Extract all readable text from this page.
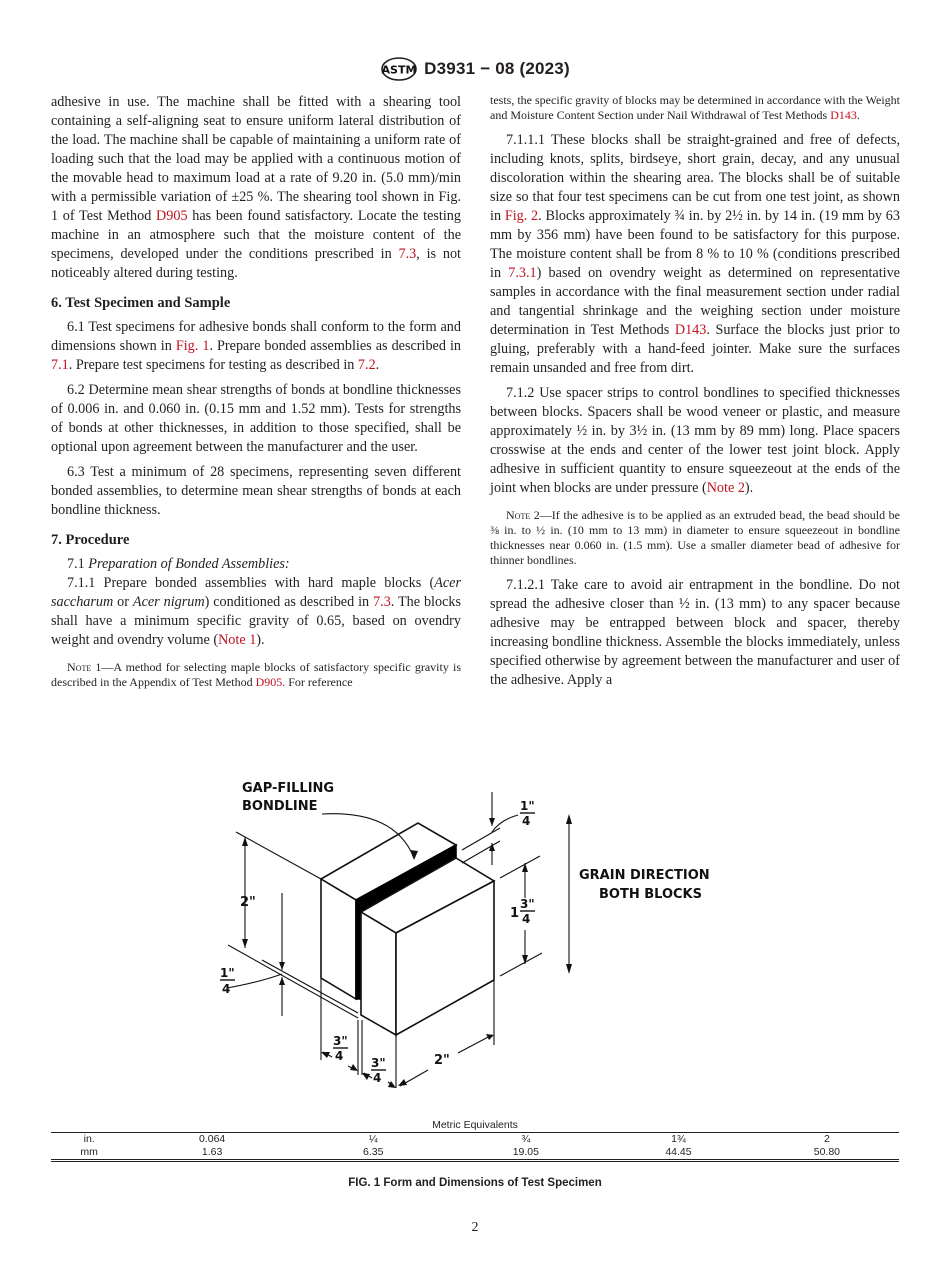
ASTM D3931 − 08 (2023)

adhesive in use. The machine shall be fitted with a shearing tool containing a self-aligning seat to ensure uniform lateral distribution of the load. The machine shall be capable of maintaining a uniform rate of loading such that the load may be applied with a continuous motion of the movable head to maximum load at a rate of 9.20 in. (5.0 mm)/min with a permissible variation of ±25 %. The shearing tool shown in Fig. 1 of Test Method D905 has been found satisfactory. Locate the testing machine in an atmosphere such that the moisture content of the specimens, developed under the conditions prescribed in 7.3, is not noticeably altered during testing.

6. Test Specimen and Sample

6.1 Test specimens for adhesive bonds shall conform to the form and dimensions shown in Fig. 1. Prepare bonded assemblies as described in 7.1. Prepare test specimens for testing as described in 7.2.

6.2 Determine mean shear strengths of bonds at bondline thicknesses of 0.006 in. and 0.060 in. (0.15 mm and 1.52 mm). Tests for strengths of bonds at other thicknesses, in addition to those specified, shall be optional upon agreement between the manufacturer and the user.

6.3 Test a minimum of 28 specimens, representing seven different bonded assemblies, to determine mean shear strengths of bonds at each bondline thickness.

7. Procedure

7.1 Preparation of Bonded Assemblies:

7.1.1 Prepare bonded assemblies with hard maple blocks (Acer saccharum or Acer nigrum) conditioned as described in 7.3. The blocks shall have a minimum specific gravity of 0.65, based on ovendry weight and ovendry volume (Note 1).

Note 1—A method for selecting maple blocks of satisfactory specific gravity is described in the Appendix of Test Method D905. For reference

tests, the specific gravity of blocks may be determined in accordance with the Weight and Moisture Content Section under Nail Withdrawal of Test Methods D143.

7.1.1.1 These blocks shall be straight-grained and free of defects, including knots, splits, birdseye, short grain, decay, and any unusual discoloration within the shearing area. The blocks shall be of suitable size so that four test specimens can be cut from one test joint, as shown in Fig. 2. Blocks approximately ¾ in. by 2½ in. by 14 in. (19 mm by 63 mm by 356 mm) have been found to be satisfactory for this purpose. The moisture content shall be from 8 % to 10 % (conditions prescribed in 7.3.1) based on ovendry weight as determined on representative samples in accordance with the final measurement section under radial and tangential shrinkage and the weighing section under moisture determination in Test Methods D143. Surface the blocks just prior to gluing, preferably with a hand-feed jointer. Make sure the surfaces remain unsanded and free from dirt.

7.1.2 Use spacer strips to control bondlines to specified thicknesses between blocks. Spacers shall be wood veneer or plastic, and measure approximately ½ in. by 3½ in. (13 mm by 89 mm) long. Place spacers crosswise at the ends and center of the lower test joint block. Apply adhesive in sufficient quantity to ensure squeezeout at the ends of the joint when blocks are under pressure (Note 2).

Note 2—If the adhesive is to be applied as an extruded bead, the bead should be ⅜ in. to ½ in. (10 mm to 13 mm) in diameter to ensure squeezeout in bondline thicknesses near 0.060 in. (1.5 mm). Use a smaller diameter bead of adhesive for thinner bondlines.

7.1.2.1 Take care to avoid air entrapment in the bondline. Do not spread the adhesive closer than ½ in. (13 mm) to any spacer because adhesive may be entrapped between block and spacer, thereby increasing bondline thickness. Assemble the blocks immediately, unless specified otherwise by agreement between the manufacturer and user of the adhesive. Apply a

GAP-FILLING
BONDLINE
GRAIN DIRECTION
BOTH BLOCKS
2"
1"
4
1
3"
4
1"
4
3"
4 3"
4
2"
Metric Equivalents
in.	0.064	¼	¾	1¾	2
mm	1.63	6.35	19.05	44.45	50.80
FIG. 1 Form and Dimensions of Test Specimen
2
